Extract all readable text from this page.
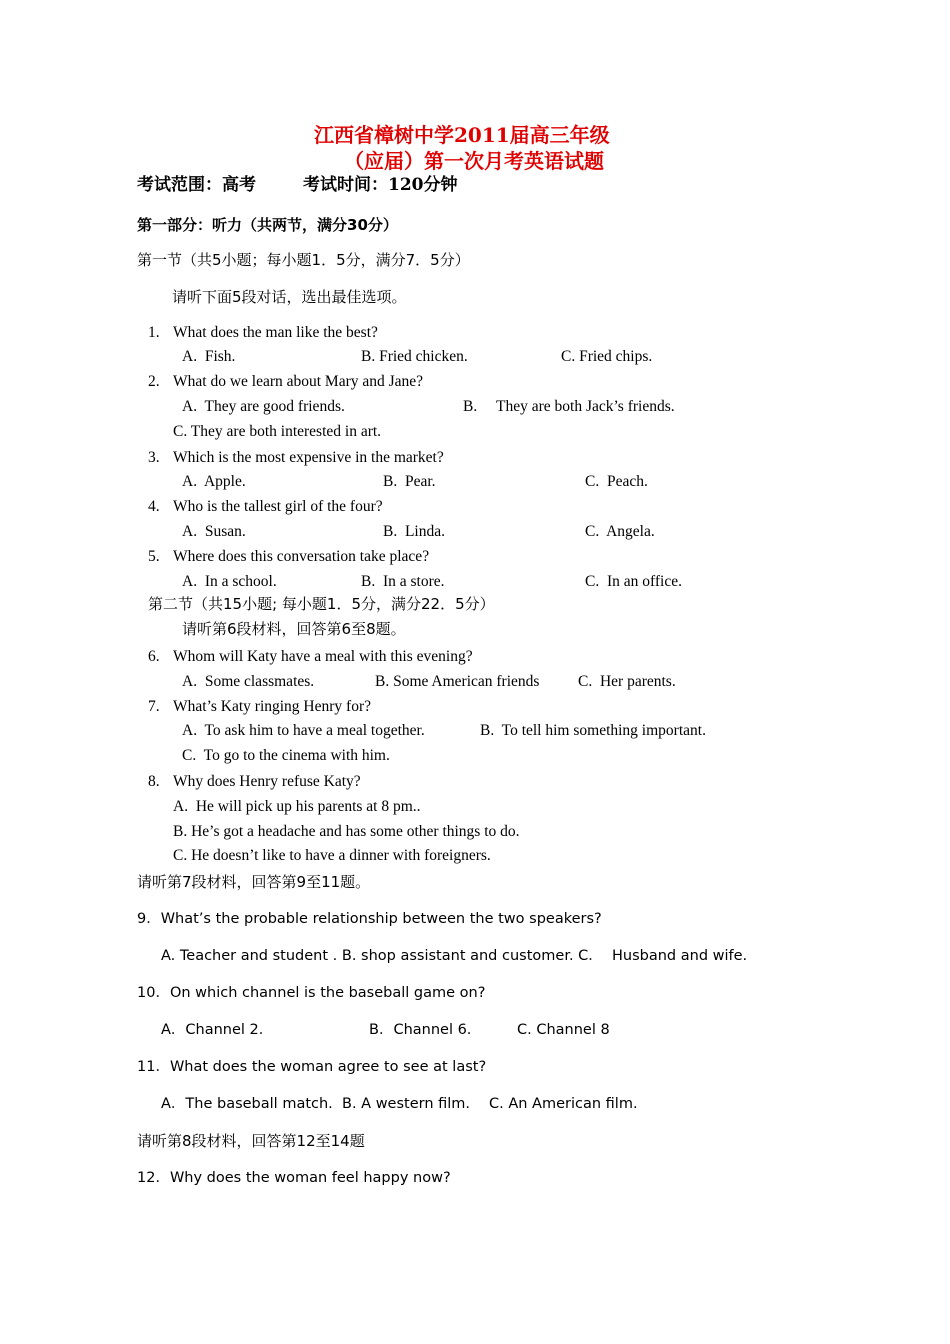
江西省樟树中学2011届高三年级
（应届）第一次月考英语试题
考试范围：高考	考试时间：120分钟
第一部分：听力（共两节，满分30分）
第一节（共5小题；每小题1．5分，满分7．5分）
请听下面5段对话，选出最佳选项。
1. What does the man like the best?
A.  Fish.	B. Fried chicken.	C. Fried chips.
2. What do we learn about Mary and Jane?
A.  They are good friends.	B. They are both Jack’s friends.
C. They are both interested in art.
3. Which is the most expensive in the market?
A.  Apple.	B.  Pear.	C.  Peach.
4. Who is the tallest girl of the four?
A.  Susan.	B.  Linda.	C.  Angela.
5. Where does this conversation take place?
A.  In a school.	B.  In a store.	C.  In an office.
第二节（共15小题; 每小题1．5分，满分22．5分）
请听第6段材料，回答第6至8题。
6. Whom will Katy have a meal with this evening?
A.  Some classmates.	B. Some American friends C.  Her parents.
7. What’s Katy ringing Henry for?
A.  To ask him to have a meal together.	B.  To tell him something important.
C.  To go to the cinema with him.
8. Why does Henry refuse Katy?
A.  He will pick up his parents at 8 pm..
B. He’s got a headache and has some other things to do.
C. He doesn’t like to have a dinner with foreigners.
请听第7段材料，回答第9至11题。
9．What’s the probable relationship between the two speakers?
A. Teacher and student . B. shop assistant and customer. C．  Husband and wife.
10．On which channel is the baseball game on?
A．Channel 2．	B．Channel 6.	C. Channel 8
11．What does the woman agree to see at last?
A．The baseball match.  B. A western film. C. An American film.
请听第8段材料，回答第12至14题
12．Why does the woman feel happy now?
